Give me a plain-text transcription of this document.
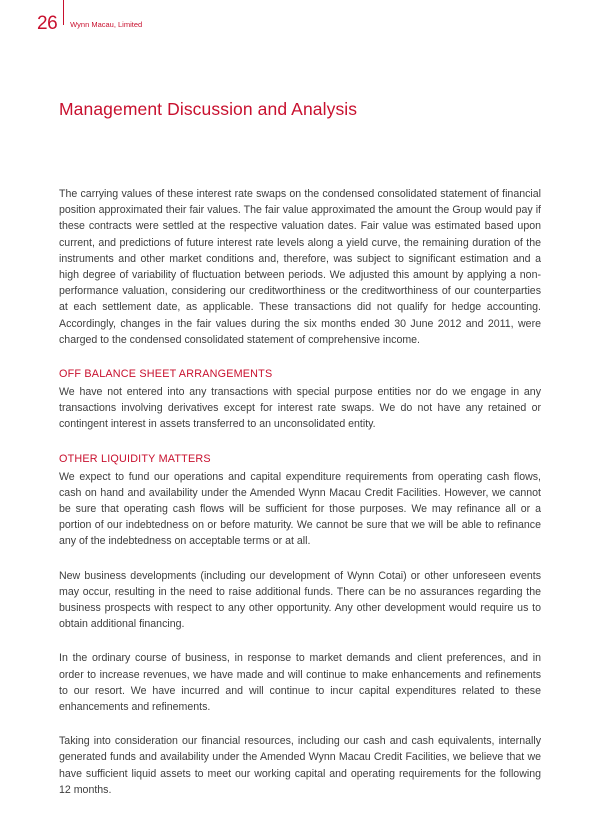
26 Wynn Macau, Limited
Management Discussion and Analysis

The carrying values of these interest rate swaps on the condensed consolidated statement of financial position approximated their fair values. The fair value approximated the amount the Group would pay if these contracts were settled at the respective valuation dates. Fair value was estimated based upon current, and predictions of future interest rate levels along a yield curve, the remaining duration of the instruments and other market conditions and, therefore, was subject to significant estimation and a high degree of variability of fluctuation between periods. We adjusted this amount by applying a non-performance valuation, considering our creditworthiness or the creditworthiness of our counterparties at each settlement date, as applicable. These transactions did not qualify for hedge accounting. Accordingly, changes in the fair values during the six months ended 30 June 2012 and 2011, were charged to the condensed consolidated statement of comprehensive income.

OFF BALANCE SHEET ARRANGEMENTS

We have not entered into any transactions with special purpose entities nor do we engage in any transactions involving derivatives except for interest rate swaps. We do not have any retained or contingent interest in assets transferred to an unconsolidated entity.

OTHER LIQUIDITY MATTERS

We expect to fund our operations and capital expenditure requirements from operating cash flows, cash on hand and availability under the Amended Wynn Macau Credit Facilities. However, we cannot be sure that operating cash flows will be sufficient for those purposes. We may refinance all or a portion of our indebtedness on or before maturity. We cannot be sure that we will be able to refinance any of the indebtedness on acceptable terms or at all.

New business developments (including our development of Wynn Cotai) or other unforeseen events may occur, resulting in the need to raise additional funds. There can be no assurances regarding the business prospects with respect to any other opportunity. Any other development would require us to obtain additional financing.

In the ordinary course of business, in response to market demands and client preferences, and in order to increase revenues, we have made and will continue to make enhancements and refinements to our resort. We have incurred and will continue to incur capital expenditures related to these enhancements and refinements.

Taking into consideration our financial resources, including our cash and cash equivalents, internally generated funds and availability under the Amended Wynn Macau Credit Facilities, we believe that we have sufficient liquid assets to meet our working capital and operating requirements for the following 12 months.
